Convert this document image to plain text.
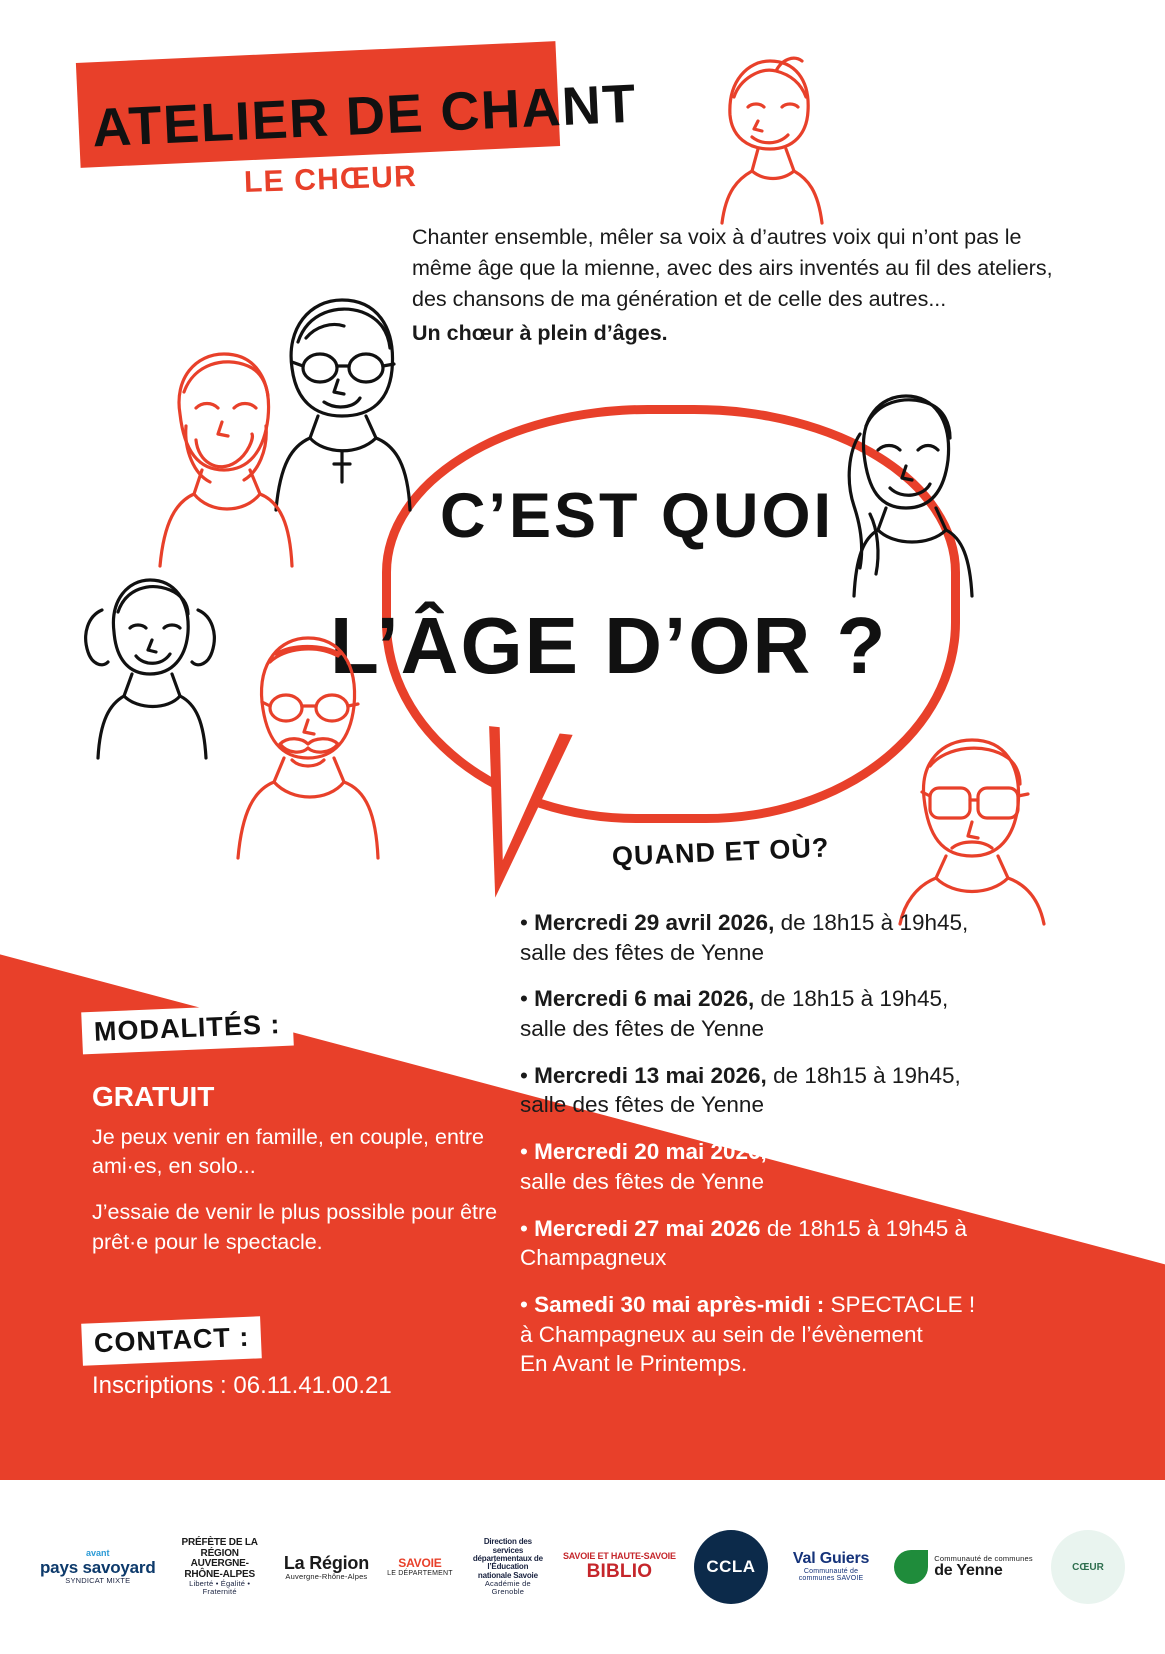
ATELIER DE CHANT
LE CHŒUR
Chanter ensemble, mêler sa voix à d’autres voix qui n’ont pas le même âge que la mienne, avec des airs inventés au fil des ateliers, des chansons de ma génération et de celle des autres...
Un chœur à plein d’âges.
C’EST QUOI
L’ÂGE D’OR ?
QUAND ET OÙ?
• Mercredi 29 avril 2026, de 18h15 à 19h45,
salle des fêtes de Yenne
• Mercredi 6 mai 2026, de 18h15 à 19h45,
salle des fêtes de Yenne
• Mercredi 13 mai 2026, de 18h15 à 19h45,
salle des fêtes de Yenne
• Mercredi 20 mai 2026, de 18h15 à 19h45,
salle des fêtes de Yenne
• Mercredi 27 mai 2026 de 18h15 à 19h45 à
Champagneux
• Samedi 30 mai après-midi : SPECTACLE !
à Champagneux au sein de l’évènement
En Avant le Printemps.
MODALITÉS :
GRATUIT

Je peux venir en famille, en couple, entre ami·es, en solo...

J’essaie de venir le plus possible pour être prêt·e pour le spectacle.

CONTACT :
Inscriptions : 06.11.41.00.21
avant
pays savoyard
SYNDICAT MIXTE
PRÉFÈTE DE LA RÉGION AUVERGNE-RHÔNE-ALPES
Liberté • Égalité • Fraternité
La Région
Auvergne-Rhône-Alpes
SAVOIE
LE DÉPARTEMENT
Direction des services départementaux de l’Éducation nationale Savoie
Académie de Grenoble
SAVOIE ET HAUTE-SAVOIE
BIBLIO	CCLA	Val Guiers
Communauté de communes SAVOIE
Communauté de communes
de Yenne	CŒUR
